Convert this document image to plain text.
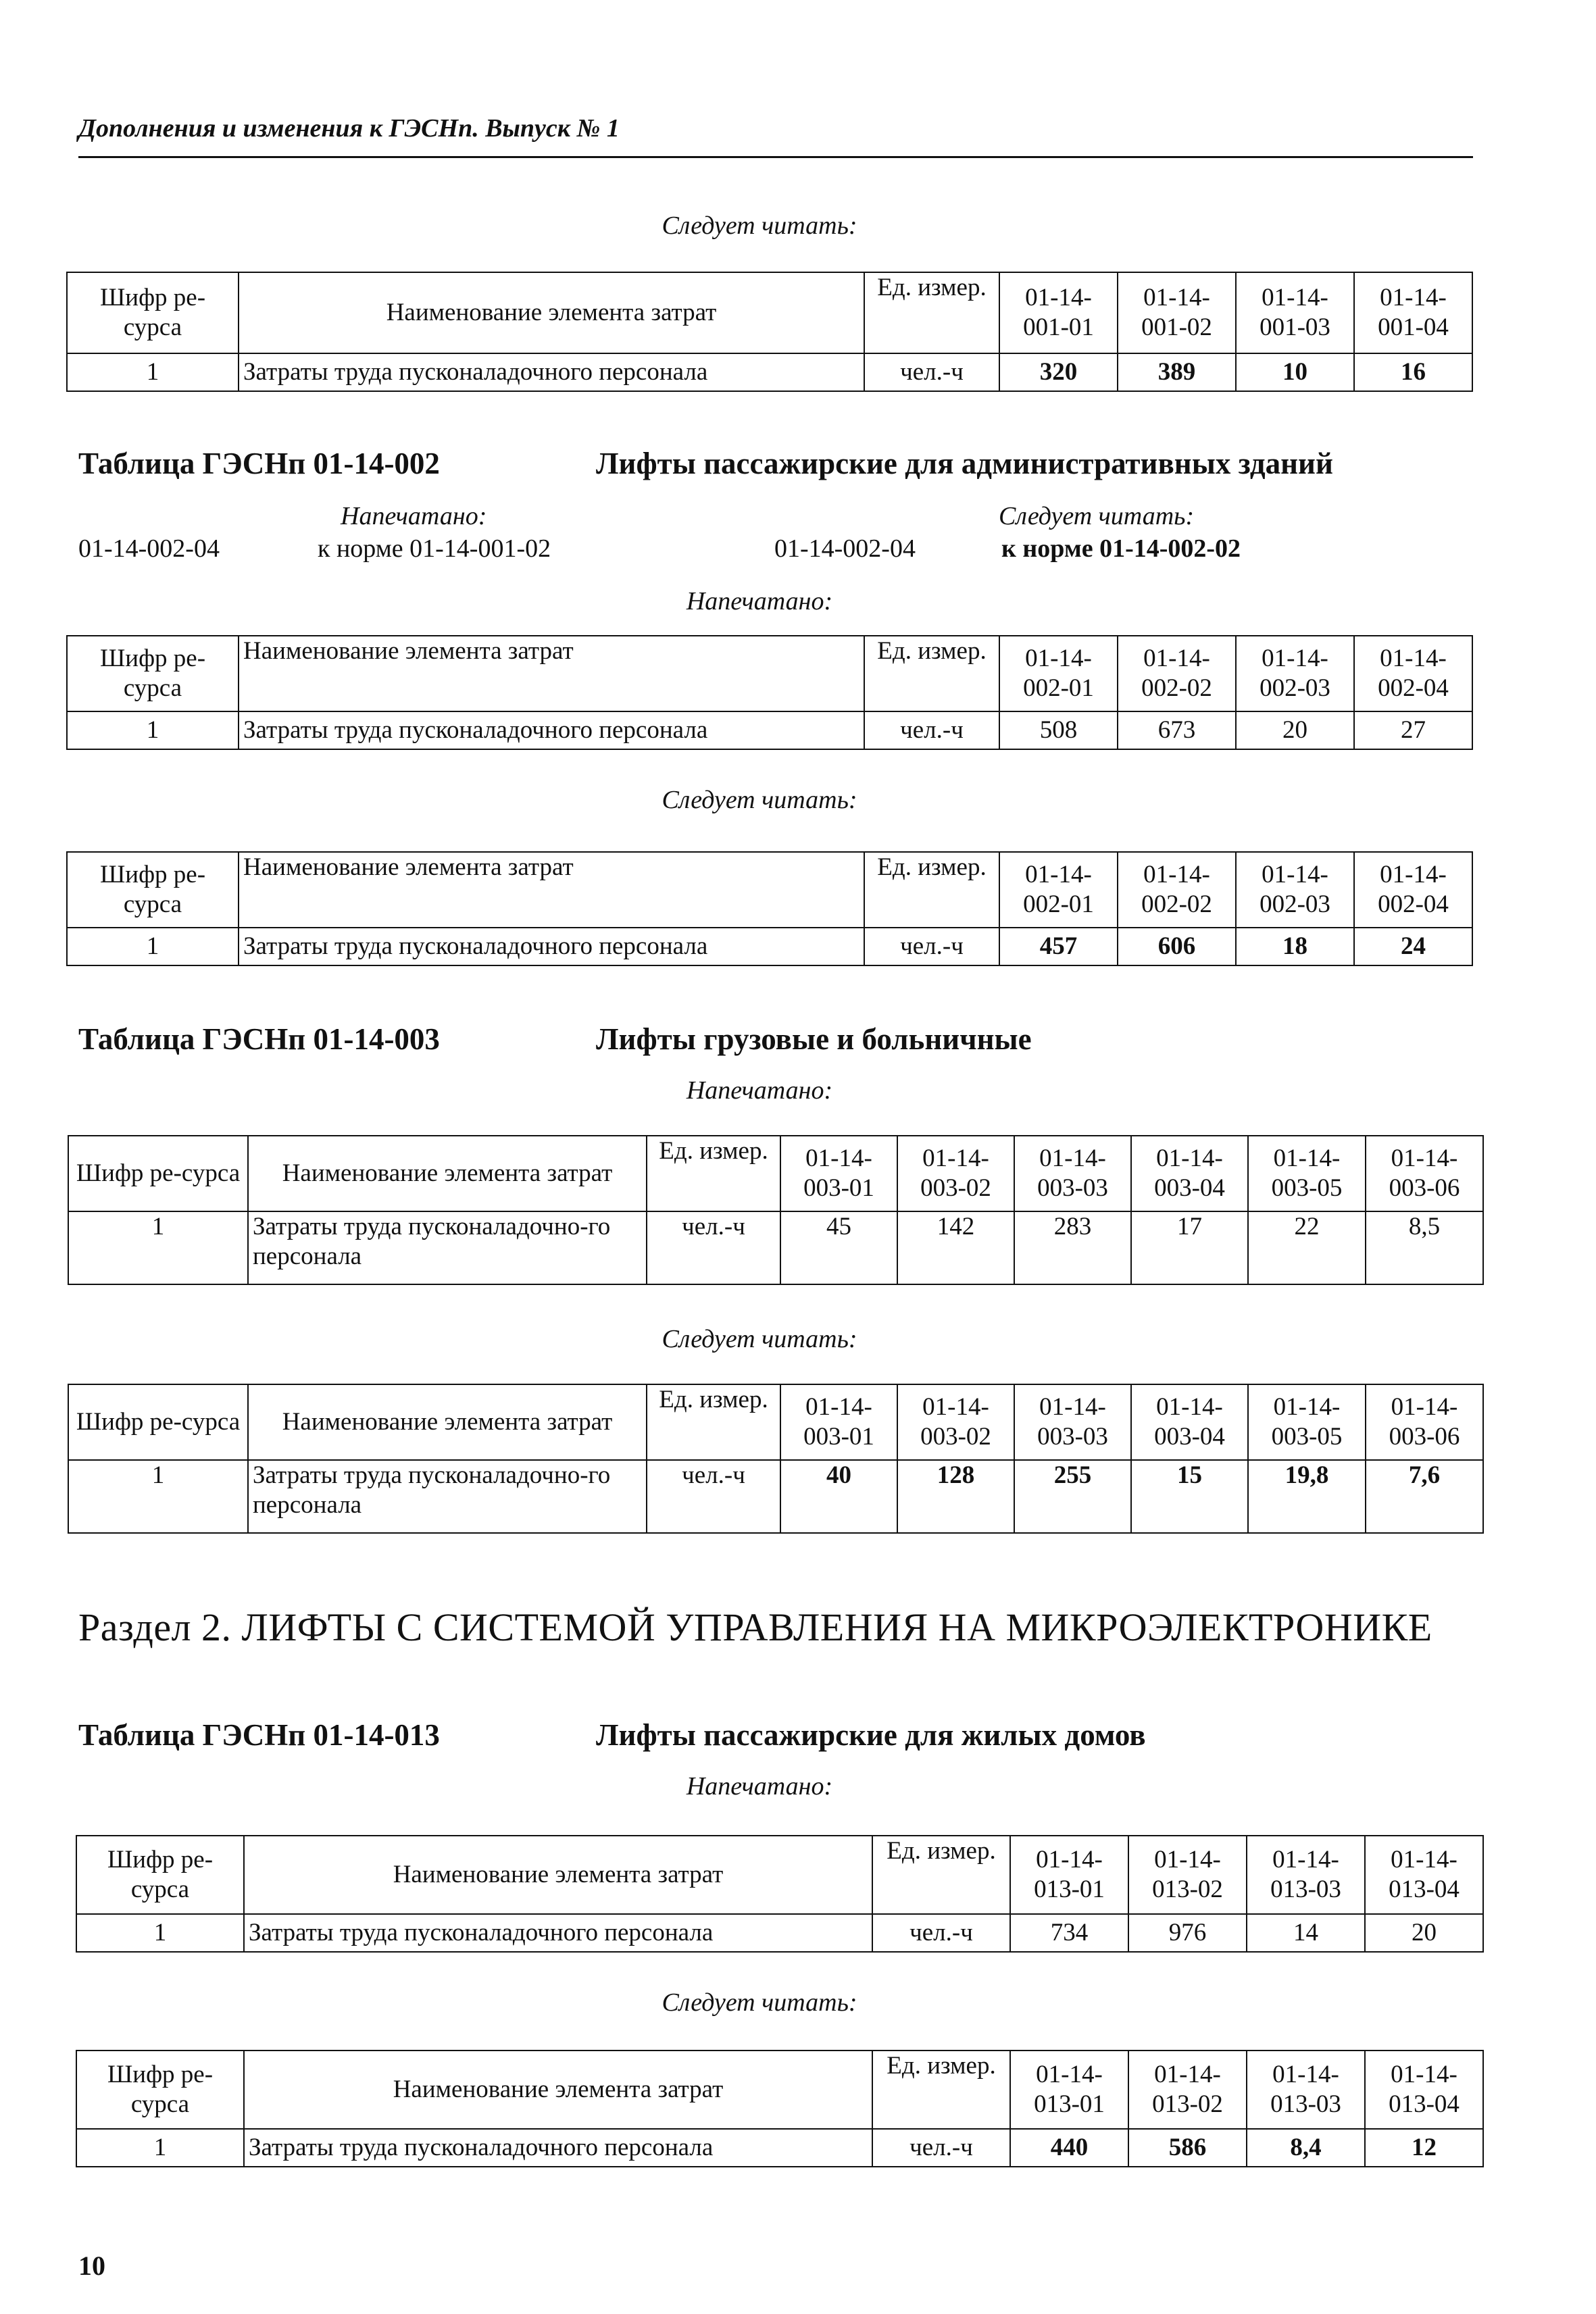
Дополнения и изменения к ГЭСНп. Выпуск № 1
Следует читать:
Шифр ре-сурса	Наименование элемента затрат	Ед. измер.	01-14-001-01	01-14-001-02	01-14-001-03	01-14-001-04
1	Затраты труда пусконаладочного персонала	чел.-ч	320	389	10	16
Таблица ГЭСНп 01-14-002	Лифты пассажирские для административных зданий
Напечатано:	Следует читать:
01-14-002-04	к норме 01-14-001-02	01-14-002-04	к норме 01-14-002-02
Напечатано:
Шифр ре-сурса	Наименование элемента затрат	Ед. измер.	01-14-002-01	01-14-002-02	01-14-002-03	01-14-002-04
1	Затраты труда пусконаладочного персонала	чел.-ч	508	673	20	27
Следует читать:
Шифр ре-сурса	Наименование элемента затрат	Ед. измер.	01-14-002-01	01-14-002-02	01-14-002-03	01-14-002-04
1	Затраты труда пусконаладочного персонала	чел.-ч	457	606	18	24
Таблица ГЭСНп 01-14-003	Лифты грузовые и больничные
Напечатано:
Шифр ре-сурса	Наименование элемента затрат	Ед. измер.	01-14-003-01	01-14-003-02	01-14-003-03	01-14-003-04	01-14-003-05	01-14-003-06
1	Затраты труда пусконаладочно-го персонала	чел.-ч	45	142	283	17	22	8,5
Следует читать:
Шифр ре-сурса	Наименование элемента затрат	Ед. измер.	01-14-003-01	01-14-003-02	01-14-003-03	01-14-003-04	01-14-003-05	01-14-003-06
1	Затраты труда пусконаладочно-го персонала	чел.-ч	40	128	255	15	19,8	7,6
Раздел 2. ЛИФТЫ С СИСТЕМОЙ УПРАВЛЕНИЯ НА МИКРОЭЛЕКТРОНИКЕ
Таблица ГЭСНп 01-14-013	Лифты пассажирские для жилых домов
Напечатано:
Шифр ре-сурса	Наименование элемента затрат	Ед. измер.	01-14-013-01	01-14-013-02	01-14-013-03	01-14-013-04
1	Затраты труда пусконаладочного персонала	чел.-ч	734	976	14	20
Следует читать:
Шифр ре-сурса	Наименование элемента затрат	Ед. измер.	01-14-013-01	01-14-013-02	01-14-013-03	01-14-013-04
1	Затраты труда пусконаладочного персонала	чел.-ч	440	586	8,4	12
10
